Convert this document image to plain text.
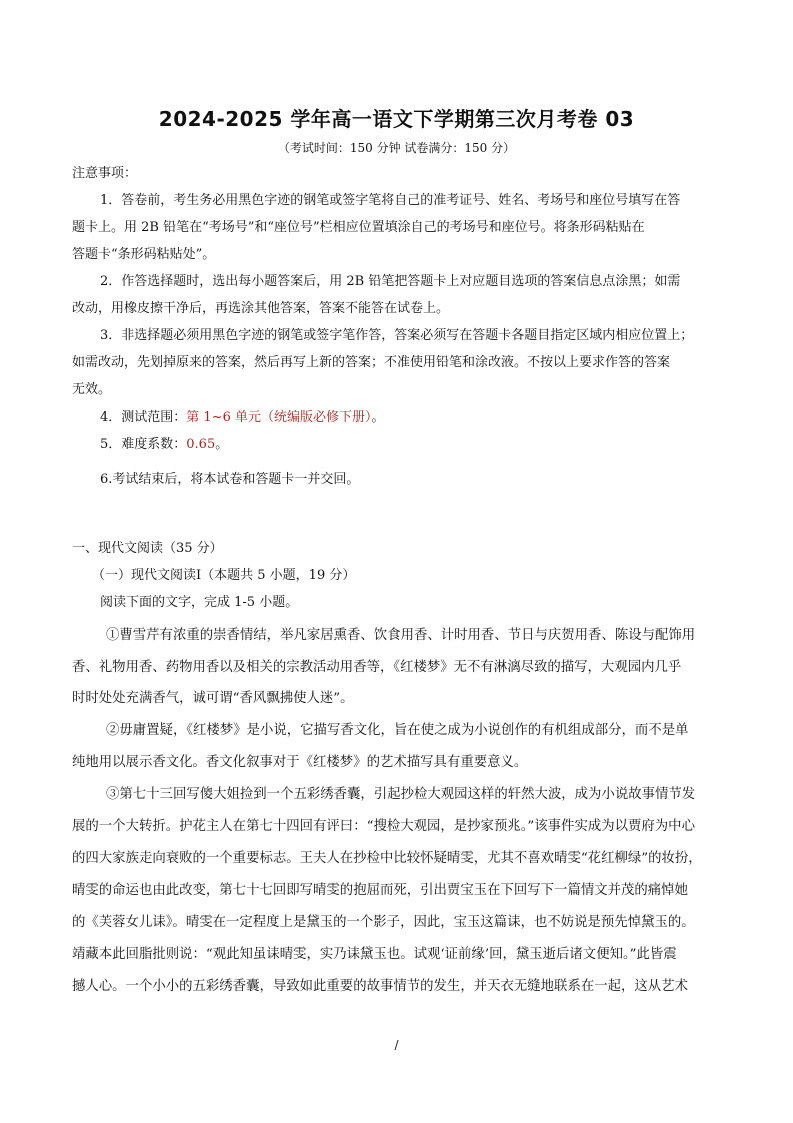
2024-2025 学年高一语文下学期第三次月考卷 03
（考试时间：150 分钟 试卷满分：150 分）
注意事项：
1．答卷前，考生务必用黑色字迹的钢笔或签字笔将自己的准考证号、姓名、考场号和座位号填写在答
题卡上。用 2B 铅笔在“考场号”和“座位号”栏相应位置填涂自己的考场号和座位号。将条形码粘贴在
答题卡“条形码粘贴处”。
2．作答选择题时，选出每小题答案后，用 2B 铅笔把答题卡上对应题目选项的答案信息点涂黑；如需
改动，用橡皮擦干净后，再选涂其他答案，答案不能答在试卷上。
3．非选择题必须用黑色字迹的钢笔或签字笔作答，答案必须写在答题卡各题目指定区域内相应位置上；
如需改动，先划掉原来的答案，然后再写上新的答案；不准使用铅笔和涂改液。不按以上要求作答的答案
无效。
4．测试范围：第 1~6 单元（统编版必修下册）。
5．难度系数：0.65。
6.考试结束后，将本试卷和答题卡一并交回。
一、现代文阅读（35 分）
（一）现代文阅读Ⅰ（本题共 5 小题，19 分）
阅读下面的文字，完成 1-5 小题。
①曹雪芹有浓重的崇香情结，举凡家居熏香、饮食用香、计时用香、节日与庆贺用香、陈设与配饰用
香、礼物用香、药物用香以及相关的宗教活动用香等，《红楼梦》无不有淋漓尽致的描写，大观园内几乎
时时处处充满香气，诚可谓“香风飘拂使人迷”。
②毋庸置疑，《红楼梦》是小说，它描写香文化，旨在使之成为小说创作的有机组成部分，而不是单
纯地用以展示香文化。香文化叙事对于《红楼梦》的艺术描写具有重要意义。
③第七十三回写傻大姐捡到一个五彩绣香囊，引起抄检大观园这样的轩然大波，成为小说故事情节发
展的一个大转折。护花主人在第七十四回有评曰：“搜检大观园，是抄家预兆。”该事件实成为以贾府为中心
的四大家族走向衰败的一个重要标志。王夫人在抄检中比较怀疑晴雯，尤其不喜欢晴雯“花红柳绿”的妆扮，
晴雯的命运也由此改变，第七十七回即写晴雯的抱屈而死，引出贾宝玉在下回写下一篇情文并茂的痛悼她
的《芙蓉女儿诔》。晴雯在一定程度上是黛玉的一个影子，因此，宝玉这篇诔，也不妨说是预先悼黛玉的。
靖藏本此回脂批则说：“观此知虽诔晴雯，实乃诔黛玉也。试观‘证前缘’回，黛玉逝后诸文便知。”此皆震
撼人心。一个小小的五彩绣香囊，导致如此重要的故事情节的发生，并天衣无缝地联系在一起，这从艺术
/
